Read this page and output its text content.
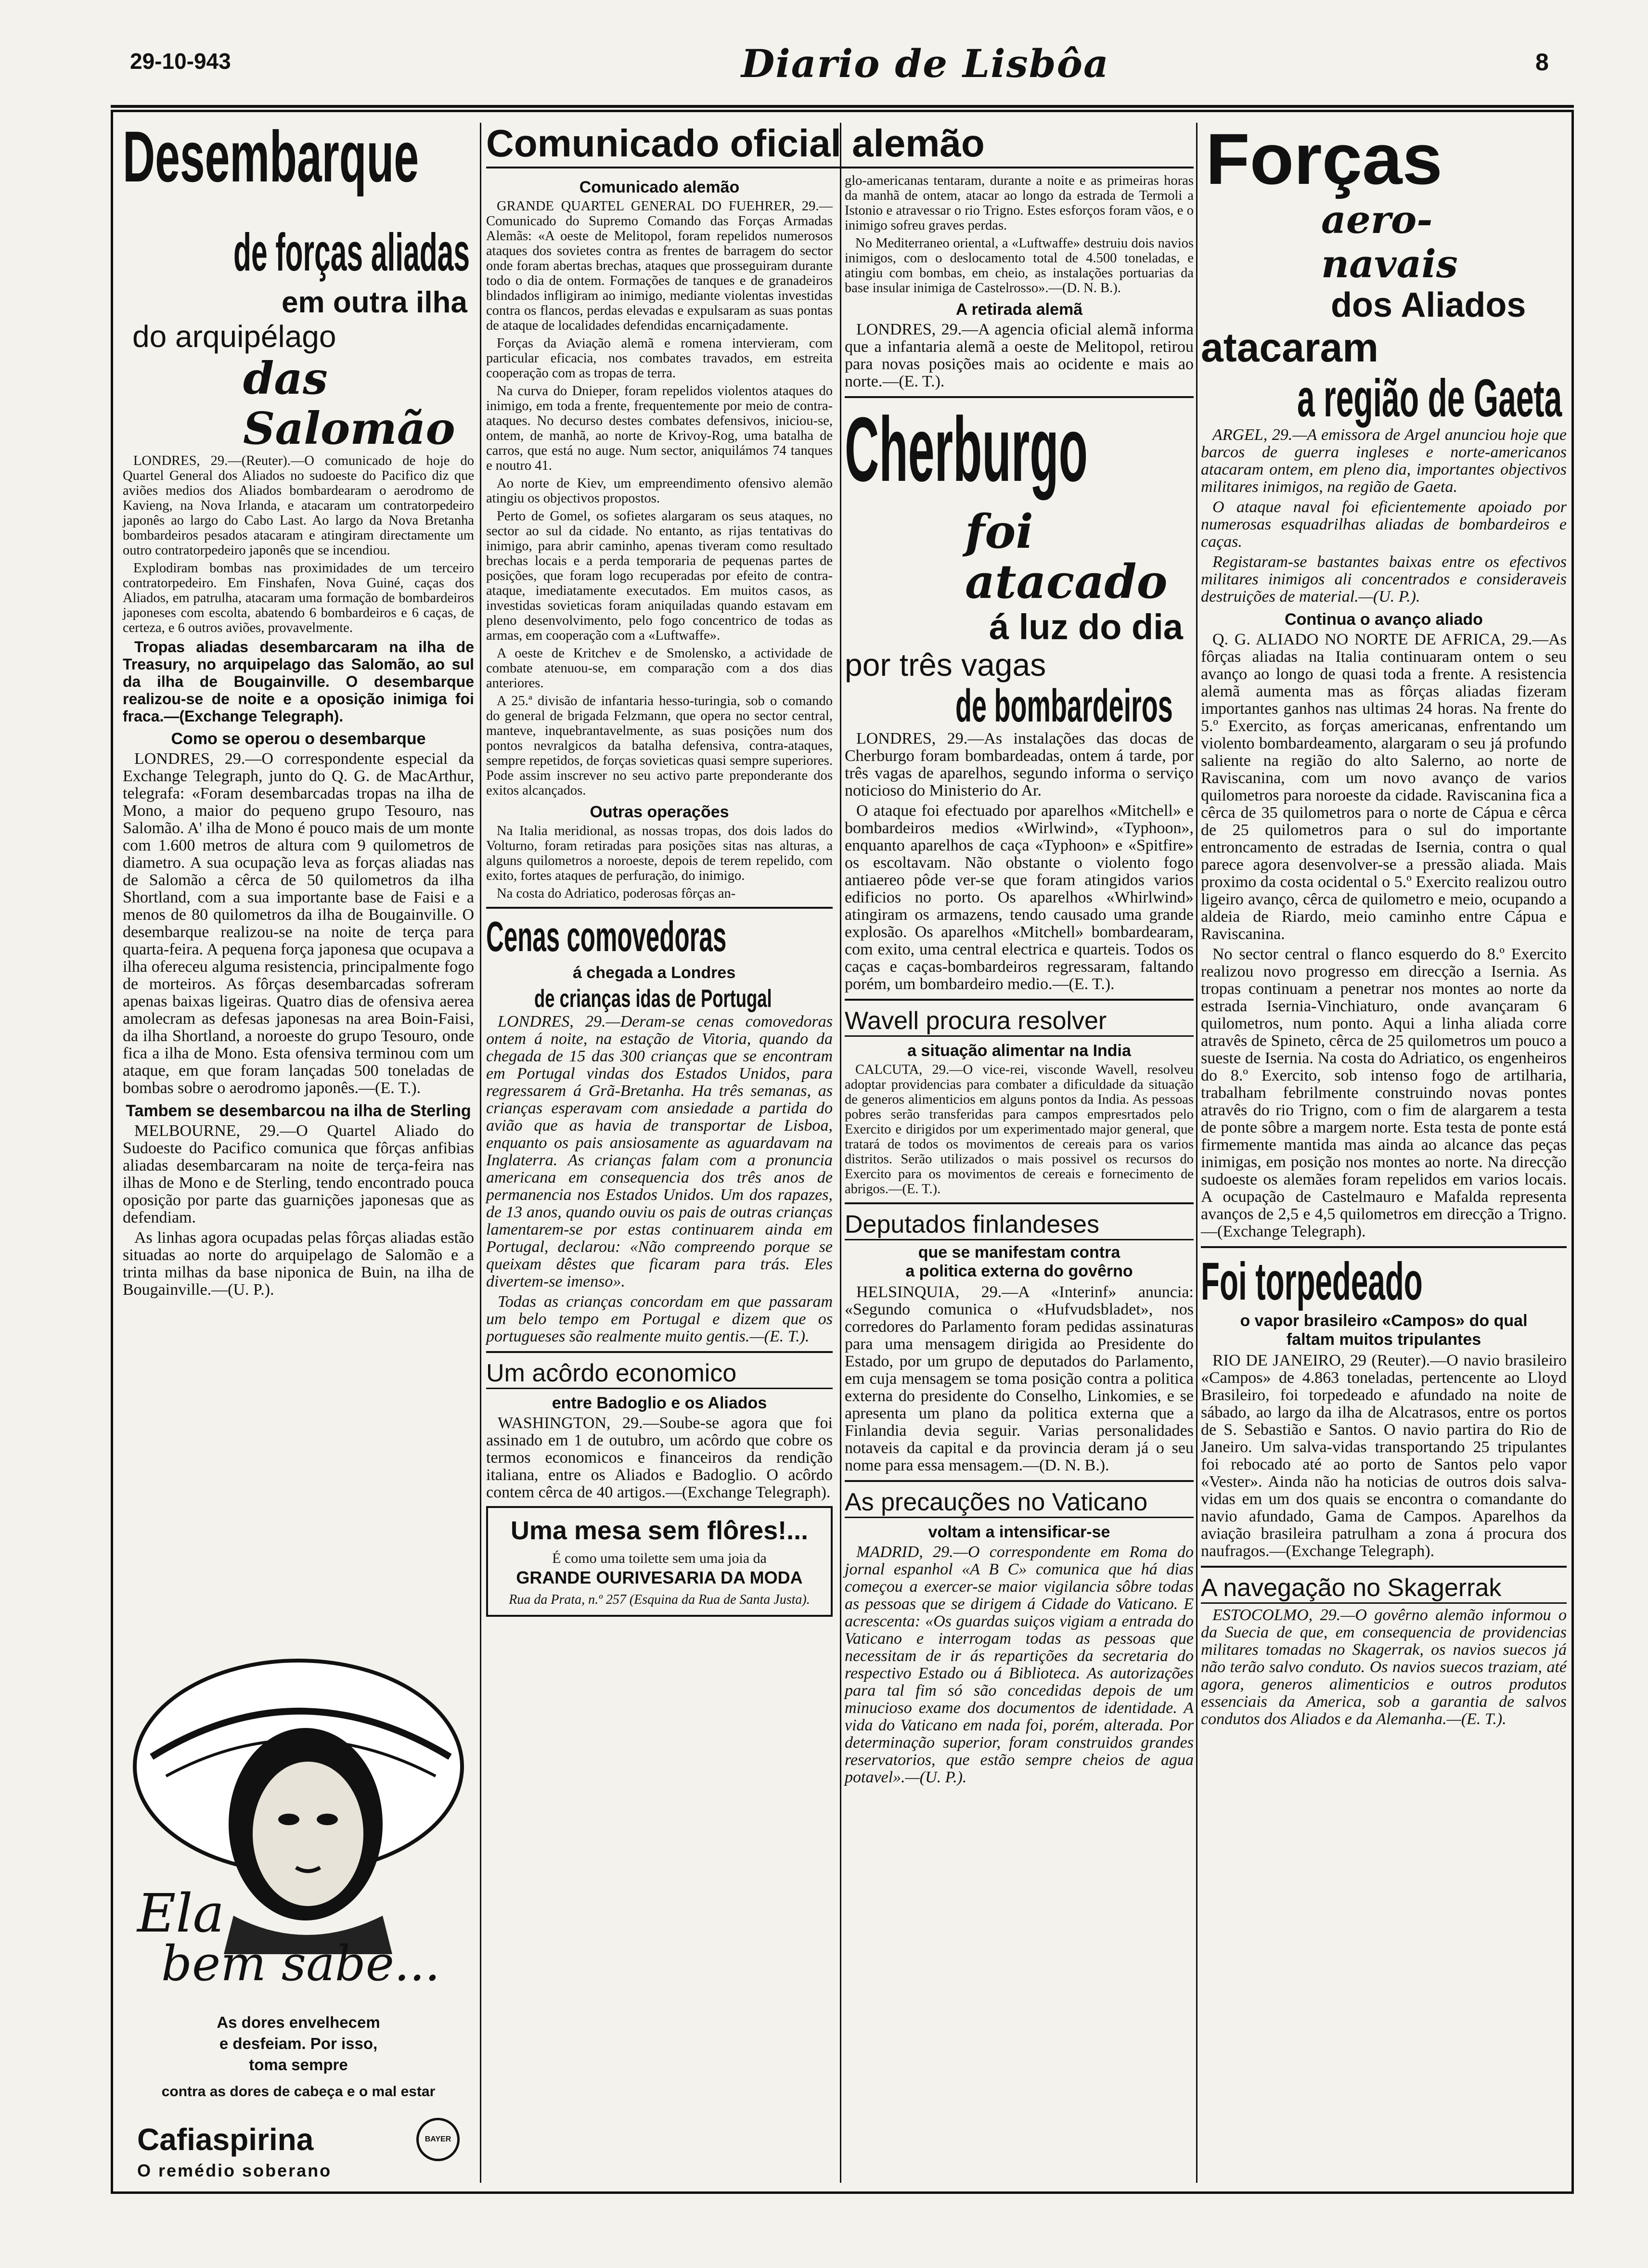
29-10-943	Diario de Lisbôa	8
Desembarque
de forças aliadas
em outra ilha
do arquipélago
das Salomão

LONDRES, 29.—(Reuter).—O comunicado de hoje do Quartel General dos Aliados no sudoeste do Pacifico diz que aviões medios dos Aliados bombardearam o aerodromo de Kavieng, na Nova Irlanda, e atacaram um contratorpedeiro japonês ao largo do Cabo Last. Ao largo da Nova Bretanha bombardeiros pesados atacaram e atingiram directamente um outro contratorpedeiro japonês que se incendiou.

Explodiram bombas nas proximidades de um terceiro contratorpedeiro. Em Finshafen, Nova Guiné, caças dos Aliados, em patrulha, atacaram uma formação de bombardeiros japoneses com escolta, abatendo 6 bombardeiros e 6 caças, de certeza, e 6 outros aviões, provavelmente.

Tropas aliadas desembarcaram na ilha de Treasury, no arquipelago das Salomão, ao sul da ilha de Bougainville. O desembarque realizou-se de noite e a oposição inimiga foi fraca.—(Exchange Telegraph).

Como se operou o desembarque

LONDRES, 29.—O correspondente especial da Exchange Telegraph, junto do Q. G. de MacArthur, telegrafa: «Foram desembarcadas tropas na ilha de Mono, a maior do pequeno grupo Tesouro, nas Salomão. A' ilha de Mono é pouco mais de um monte com 1.600 metros de altura com 9 quilometros de diametro. A sua ocupação leva as forças aliadas nas de Salomão a cêrca de 50 quilometros da ilha Shortland, com a sua importante base de Faisi e a menos de 80 quilometros da ilha de Bougainville. O desembarque realizou-se na noite de terça para quarta-feira. A pequena força japonesa que ocupava a ilha ofereceu alguma resistencia, principalmente fogo de morteiros. As fôrças desembarcadas sofreram apenas baixas ligeiras. Quatro dias de ofensiva aerea amolecram as defesas japonesas na area Boin-Faisi, da ilha Shortland, a noroeste do grupo Tesouro, onde fica a ilha de Mono. Esta ofensiva terminou com um ataque, em que foram lançadas 500 toneladas de bombas sobre o aerodromo japonês.—(E. T.).

Tambem se desembarcou na ilha de Sterling

MELBOURNE, 29.—O Quartel Aliado do Sudoeste do Pacifico comunica que fôrças anfibias aliadas desembarcaram na noite de terça-feira nas ilhas de Mono e de Sterling, tendo encontrado pouca oposição por parte das guarnições japonesas que as defendiam.

As linhas agora ocupadas pelas fôrças aliadas estão situadas ao norte do arquipelago de Salomão e a trinta milhas da base niponica de Buin, na ilha de Bougainville.—(U. P.).

Ela
bem sabe...
As dores envelhecem
e desfeiam. Por isso,
toma sempre
contra as dores de cabeça e o mal estar
Cafiaspirina	BAYER
O remédio soberano
Comunicado oficial alemão
Comunicado alemão

GRANDE QUARTEL GENERAL DO FUEHRER, 29.—Comunicado do Supremo Comando das Forças Armadas Alemãs: «A oeste de Melitopol, foram repelidos numerosos ataques dos sovietes contra as frentes de barragem do sector onde foram abertas brechas, ataques que prosseguiram durante todo o dia de ontem. Formações de tanques e de granadeiros blindados infligiram ao inimigo, mediante violentas investidas contra os flancos, perdas elevadas e expulsaram as suas pontas de ataque de localidades defendidas encarniçadamente.

Forças da Aviação alemã e romena intervieram, com particular eficacia, nos combates travados, em estreita cooperação com as tropas de terra.

Na curva do Dnieper, foram repelidos violentos ataques do inimigo, em toda a frente, frequentemente por meio de contra-ataques. No decurso destes combates defensivos, iniciou-se, ontem, de manhã, ao norte de Krivoy-Rog, uma batalha de carros, que está no auge. Num sector, aniquilámos 74 tanques e noutro 41.

Ao norte de Kiev, um empreendimento ofensivo alemão atingiu os objectivos propostos.

Perto de Gomel, os sofietes alargaram os seus ataques, no sector ao sul da cidade. No entanto, as rijas tentativas do inimigo, para abrir caminho, apenas tiveram como resultado brechas locais e a perda temporaria de pequenas partes de posições, que foram logo recuperadas por efeito de contra-ataque, imediatamente executados. Em muitos casos, as investidas sovieticas foram aniquiladas quando estavam em pleno desenvolvimento, pelo fogo concentrico de todas as armas, em cooperação com a «Luftwaffe».

A oeste de Kritchev e de Smolensko, a actividade de combate atenuou-se, em comparação com a dos dias anteriores.

A 25.ª divisão de infantaria hesso-turingia, sob o comando do general de brigada Felzmann, que opera no sector central, manteve, inquebrantavelmente, as suas posições num dos pontos nevralgicos da batalha defensiva, contra-ataques, sempre repetidos, de forças sovieticas quasi sempre superiores. Pode assim inscrever no seu activo parte preponderante dos exitos alcançados.

Outras operações

Na Italia meridional, as nossas tropas, dos dois lados do Volturno, foram retiradas para posições sitas nas alturas, a alguns quilometros a noroeste, depois de terem repelido, com exito, fortes ataques de perfuração, do inimigo.

Na costa do Adriatico, poderosas fôrças an-

Cenas comovedoras
á chegada a Londres
de crianças idas de Portugal

LONDRES, 29.—Deram-se cenas comovedoras ontem á noite, na estação de Vitoria, quando da chegada de 15 das 300 crianças que se encontram em Portugal vindas dos Estados Unidos, para regressarem á Grã-Bretanha. Ha três semanas, as crianças esperavam com ansiedade a partida do avião que as havia de transportar de Lisboa, enquanto os pais ansiosamente as aguardavam na Inglaterra. As crianças falam com a pronuncia americana em consequencia dos três anos de permanencia nos Estados Unidos. Um dos rapazes, de 13 anos, quando ouviu os pais de outras crianças lamentarem-se por estas continuarem ainda em Portugal, declarou: «Não compreendo porque se queixam dêstes que ficaram para trás. Eles divertem-se imenso».

Todas as crianças concordam em que passaram um belo tempo em Portugal e dizem que os portugueses são realmente muito gentis.—(E. T.).

Um acôrdo economico
entre Badoglio e os Aliados

WASHINGTON, 29.—Soube-se agora que foi assinado em 1 de outubro, um acôrdo que cobre os termos economicos e financeiros da rendição italiana, entre os Aliados e Badoglio. O acôrdo contem cêrca de 40 artigos.—(Exchange Telegraph).

Uma mesa sem flôres!...
É como uma toilette sem uma joia da
GRANDE OURIVESARIA DA MODA
Rua da Prata, n.º 257 (Esquina da Rua de Santa Justa).

glo-americanas tentaram, durante a noite e as primeiras horas da manhã de ontem, atacar ao longo da estrada de Termoli a Istonio e atravessar o rio Trigno. Estes esforços foram vãos, e o inimigo sofreu graves perdas.

No Mediterraneo oriental, a «Luftwaffe» destruiu dois navios inimigos, com o deslocamento total de 4.500 toneladas, e atingiu com bombas, em cheio, as instalações portuarias da base insular inimiga de Castelrosso».—(D. N. B.).

A retirada alemã

LONDRES, 29.—A agencia oficial alemã informa que a infantaria alemã a oeste de Melitopol, retirou para novas posições mais ao ocidente e mais ao norte.—(E. T.).

Cherburgo
foi atacado
á luz do dia
por três vagas
de bombardeiros

LONDRES, 29.—As instalações das docas de Cherburgo foram bombardeadas, ontem á tarde, por três vagas de aparelhos, segundo informa o serviço noticioso do Ministerio do Ar.

O ataque foi efectuado por aparelhos «Mitchell» e bombardeiros medios «Wirlwind», «Typhoon», enquanto aparelhos de caça «Typhoon» e «Spitfire» os escoltavam. Não obstante o violento fogo antiaereo pôde ver-se que foram atingidos varios edificios no porto. Os aparelhos «Whirlwind» atingiram os armazens, tendo causado uma grande explosão. Os aparelhos «Mitchell» bombardearam, com exito, uma central electrica e quarteis. Todos os caças e caças-bombardeiros regressaram, faltando porém, um bombardeiro medio.—(E. T.).

Wavell procura resolver
a situação alimentar na India

CALCUTA, 29.—O vice-rei, visconde Wavell, resolveu adoptar providencias para combater a dificuldade da situação de generos alimenticios em alguns pontos da India. As pessoas pobres serão transferidas para campos empresrtados pelo Exercito e dirigidos por um experimentado major general, que tratará de todos os movimentos de cereais para os varios distritos. Serão utilizados o mais possivel os recursos do Exercito para os movimentos de cereais e fornecimento de abrigos.—(E. T.).

Deputados finlandeses
que se manifestam contra
a politica externa do govêrno

HELSINQUIA, 29.—A «Interinf» anuncia: «Segundo comunica o «Hufvudsbladet», nos corredores do Parlamento foram pedidas assinaturas para uma mensagem dirigida ao Presidente do Estado, por um grupo de deputados do Parlamento, em cuja mensagem se toma posição contra a politica externa do presidente do Conselho, Linkomies, e se apresenta um plano da politica externa que a Finlandia devia seguir. Varias personalidades notaveis da capital e da provincia deram já o seu nome para essa mensagem.—(D. N. B.).

As precauções no Vaticano
voltam a intensificar-se

MADRID, 29.—O correspondente em Roma do jornal espanhol «A B C» comunica que há dias começou a exercer-se maior vigilancia sôbre todas as pessoas que se dirigem á Cidade do Vaticano. E acrescenta: «Os guardas suiços vigiam a entrada do Vaticano e interrogam todas as pessoas que necessitam de ir ás repartições da secretaria do respectivo Estado ou á Biblioteca. As autorizações para tal fim só são concedidas depois de um minucioso exame dos documentos de identidade. A vida do Vaticano em nada foi, porém, alterada. Por determinação superior, foram construidos grandes reservatorios, que estão sempre cheios de agua potavel».—(U. P.).

Forças
aero-navais
dos Aliados
atacaram
a região de Gaeta

ARGEL, 29.—A emissora de Argel anunciou hoje que barcos de guerra ingleses e norte-americanos atacaram ontem, em pleno dia, importantes objectivos militares inimigos, na região de Gaeta.

O ataque naval foi eficientemente apoiado por numerosas esquadrilhas aliadas de bombardeiros e caças.

Registaram-se bastantes baixas entre os efectivos militares inimigos ali concentrados e consideraveis destruições de material.—(U. P.).

Continua o avanço aliado

Q. G. ALIADO NO NORTE DE AFRICA, 29.—As fôrças aliadas na Italia continuaram ontem o seu avanço ao longo de quasi toda a frente. A resistencia alemã aumenta mas as fôrças aliadas fizeram importantes ganhos nas ultimas 24 horas. Na frente do 5.º Exercito, as forças americanas, enfrentando um violento bombardeamento, alargaram o seu já profundo saliente na região do alto Salerno, ao norte de Raviscanina, com um novo avanço de varios quilometros para noroeste da cidade. Raviscanina fica a cêrca de 35 quilometros para o norte de Cápua e cêrca de 25 quilometros para o sul do importante entroncamento de estradas de Isernia, contra o qual parece agora desenvolver-se a pressão aliada. Mais proximo da costa ocidental o 5.º Exercito realizou outro ligeiro avanço, cêrca de quilometro e meio, ocupando a aldeia de Riardo, meio caminho entre Cápua e Raviscanina.

No sector central o flanco esquerdo do 8.º Exercito realizou novo progresso em direcção a Isernia. As tropas continuam a penetrar nos montes ao norte da estrada Isernia-Vinchiaturo, onde avançaram 6 quilometros, num ponto. Aqui a linha aliada corre atravês de Spineto, cêrca de 25 quilometros um pouco a sueste de Isernia. Na costa do Adriatico, os engenheiros do 8.º Exercito, sob intenso fogo de artilharia, trabalham febrilmente construindo novas pontes atravês do rio Trigno, com o fim de alargarem a testa de ponte sôbre a margem norte. Esta testa de ponte está firmemente mantida mas ainda ao alcance das peças inimigas, em posição nos montes ao norte. Na direcção sudoeste os alemães foram repelidos em varios locais. A ocupação de Castelmauro e Mafalda representa avanços de 2,5 e 4,5 quilometros em direcção a Trigno.—(Exchange Telegraph).

Foi torpedeado
o vapor brasileiro «Campos» do qual
faltam muitos tripulantes

RIO DE JANEIRO, 29 (Reuter).—O navio brasileiro «Campos» de 4.863 toneladas, pertencente ao Lloyd Brasileiro, foi torpedeado e afundado na noite de sábado, ao largo da ilha de Alcatrasos, entre os portos de S. Sebastião e Santos. O navio partira do Rio de Janeiro. Um salva-vidas transportando 25 tripulantes foi rebocado até ao porto de Santos pelo vapor «Vester». Ainda não ha noticias de outros dois salva-vidas em um dos quais se encontra o comandante do navio afundado, Gama de Campos. Aparelhos da aviação brasileira patrulham a zona á procura dos naufragos.—(Exchange Telegraph).

A navegação no Skagerrak

ESTOCOLMO, 29.—O govêrno alemão informou o da Suecia de que, em consequencia de providencias militares tomadas no Skagerrak, os navios suecos já não terão salvo conduto. Os navios suecos traziam, até agora, generos alimenticios e outros produtos essenciais da America, sob a garantia de salvos condutos dos Aliados e da Alemanha.—(E. T.).
